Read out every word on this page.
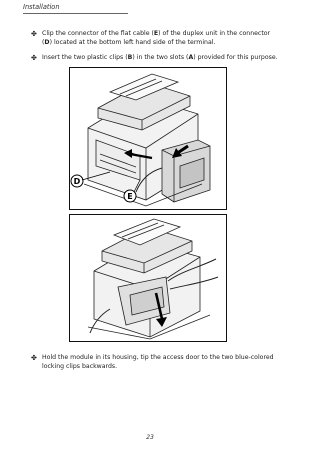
Installation
✤ Clip the connector of the flat cable (E) of the duplex unit in the connector (D) located at the bottom left hand side of the terminal.
✤ Insert the two plastic clips (B) in the two slots (A) provided for this purpose.
D
E
✤ Hold the module in its housing, tip the access door to the two blue-colored locking clips backwards.
23
